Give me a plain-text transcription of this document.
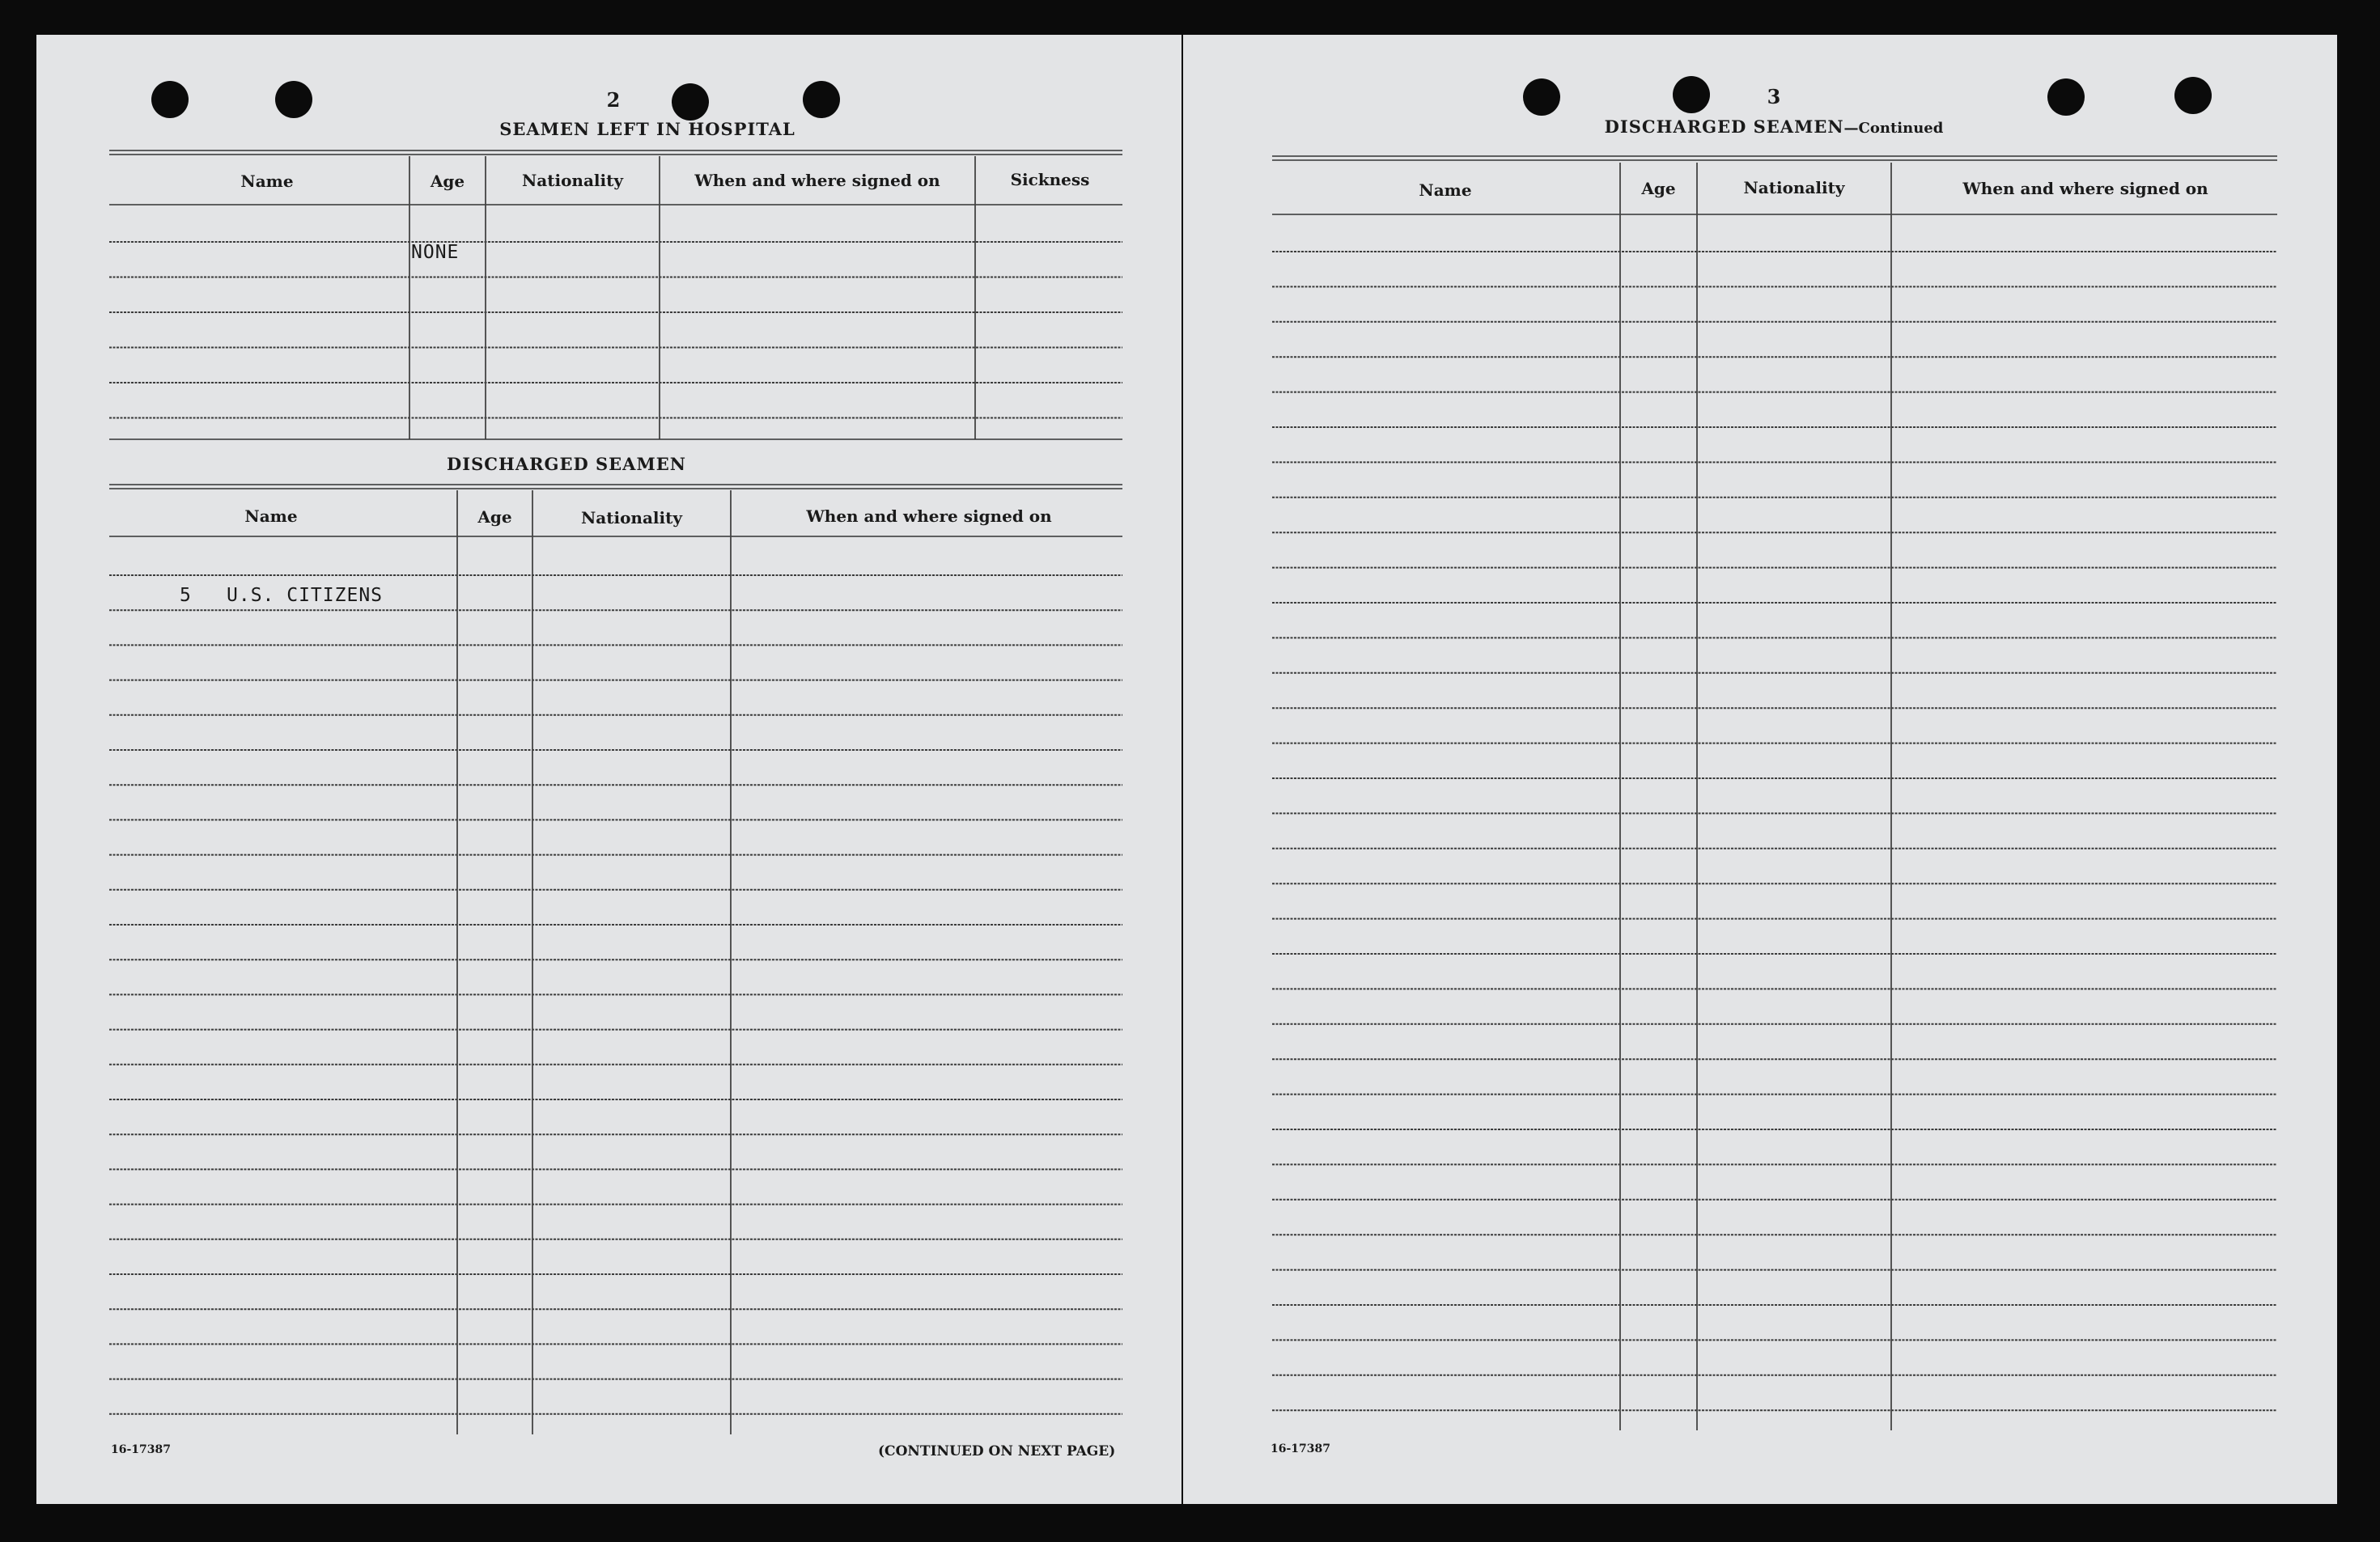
2
SEAMEN LEFT IN HOSPITAL
Name	Age	Nationality	When and where signed on	Sickness
NONE
DISCHARGED SEAMEN
Name	Age	Nationality	When and where signed on
5 U.S. CITIZENS
16-17387	(CONTINUED ON NEXT PAGE)
3
DISCHARGED SEAMEN—Continued
Name	Age	Nationality	When and where signed on
16-17387
